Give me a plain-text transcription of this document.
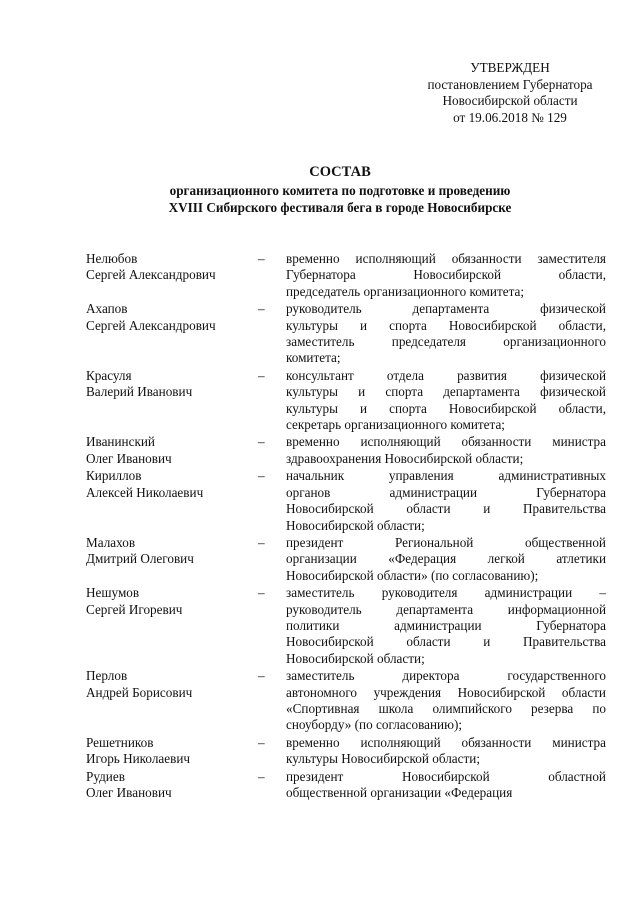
УТВЕРЖДЕН
постановлением Губернатора
Новосибирской области
от 19.06.2018 № 129
СОСТАВ
организационного комитета по подготовке и проведению
XVIII Сибирского фестиваля бега в городе Новосибирске
Нелюбов
Сергей Александрович
–	временно исполняющий обязанности заместителя
Губернатора Новосибирской области,
председатель организационного комитета;
Ахапов
Сергей Александрович
–	руководитель департамента физической
культуры и спорта Новосибирской области,
заместитель председателя организационного
комитета;
Красуля
Валерий Иванович
–	консультант отдела развития физической
культуры и спорта департамента физической
культуры и спорта Новосибирской области,
секретарь организационного комитета;
Иванинский
Олег Иванович
–	временно исполняющий обязанности министра
здравоохранения Новосибирской области;
Кириллов
Алексей Николаевич
–	начальник управления административных
органов администрации Губернатора
Новосибирской области и Правительства
Новосибирской области;
Малахов
Дмитрий Олегович
–	президент Региональной общественной
организации «Федерация легкой атлетики
Новосибирской области» (по согласованию);
Нешумов
Сергей Игоревич
–	заместитель руководителя администрации –
руководитель департамента информационной
политики администрации Губернатора
Новосибирской области и Правительства
Новосибирской области;
Перлов
Андрей Борисович
–	заместитель директора государственного
автономного учреждения Новосибирской области
«Спортивная школа олимпийского резерва по
сноуборду» (по согласованию);
Решетников
Игорь Николаевич
–	временно исполняющий обязанности министра
культуры Новосибирской области;
Рудиев
Олег Иванович
–	президент Новосибирской областной
общественной организации «Федерация
